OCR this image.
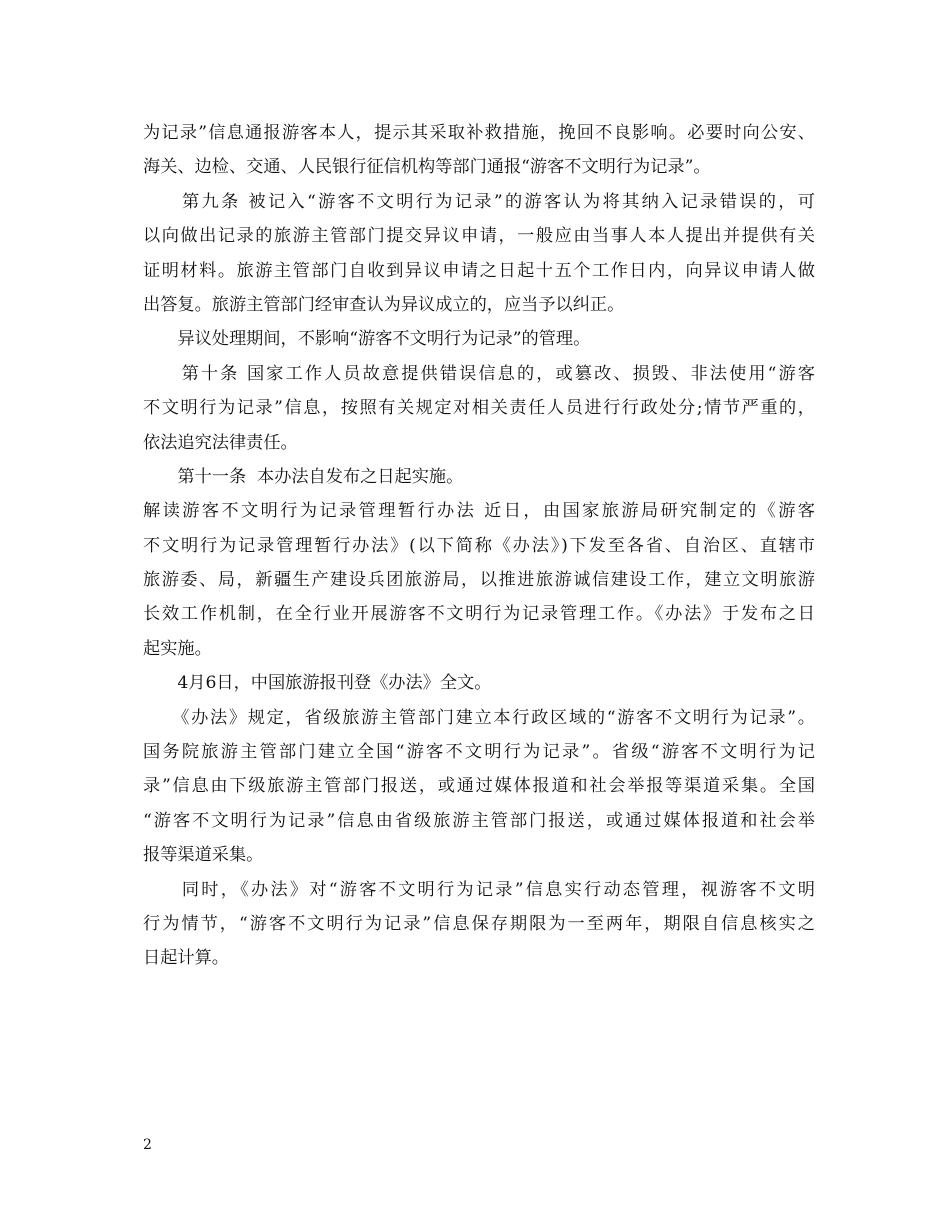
为记录”信息通报游客本人，提示其采取补救措施，挽回不良影响。必要时向公安、
海关、边检、交通、人民银行征信机构等部门通报“游客不文明行为记录”。
　　第九条 被记入“游客不文明行为记录”的游客认为将其纳入记录错误的，可
以向做出记录的旅游主管部门提交异议申请，一般应由当事人本人提出并提供有关
证明材料。旅游主管部门自收到异议申请之日起十五个工作日内，向异议申请人做
出答复。旅游主管部门经审查认为异议成立的，应当予以纠正。
　　异议处理期间，不影响“游客不文明行为记录”的管理。
　　第十条 国家工作人员故意提供错误信息的，或篡改、损毁、非法使用“游客
不文明行为记录”信息，按照有关规定对相关责任人员进行行政处分;情节严重的，
依法追究法律责任。
　　第十一条  本办法自发布之日起实施。
解读游客不文明行为记录管理暂行办法 近日，由国家旅游局研究制定的《游客
不文明行为记录管理暂行办法》(以下简称《办法》)下发至各省、自治区、直辖市
旅游委、局，新疆生产建设兵团旅游局，以推进旅游诚信建设工作，建立文明旅游
长效工作机制，在全行业开展游客不文明行为记录管理工作。《办法》于发布之日
起实施。
　　4月6日，中国旅游报刊登《办法》全文。
　　《办法》规定，省级旅游主管部门建立本行政区域的“游客不文明行为记录”。
国务院旅游主管部门建立全国“游客不文明行为记录”。省级“游客不文明行为记
录”信息由下级旅游主管部门报送，或通过媒体报道和社会举报等渠道采集。全国
“游客不文明行为记录”信息由省级旅游主管部门报送，或通过媒体报道和社会举
报等渠道采集。
　　同时，《办法》对“游客不文明行为记录”信息实行动态管理，视游客不文明
行为情节，“游客不文明行为记录”信息保存期限为一至两年，期限自信息核实之
日起计算。
2
